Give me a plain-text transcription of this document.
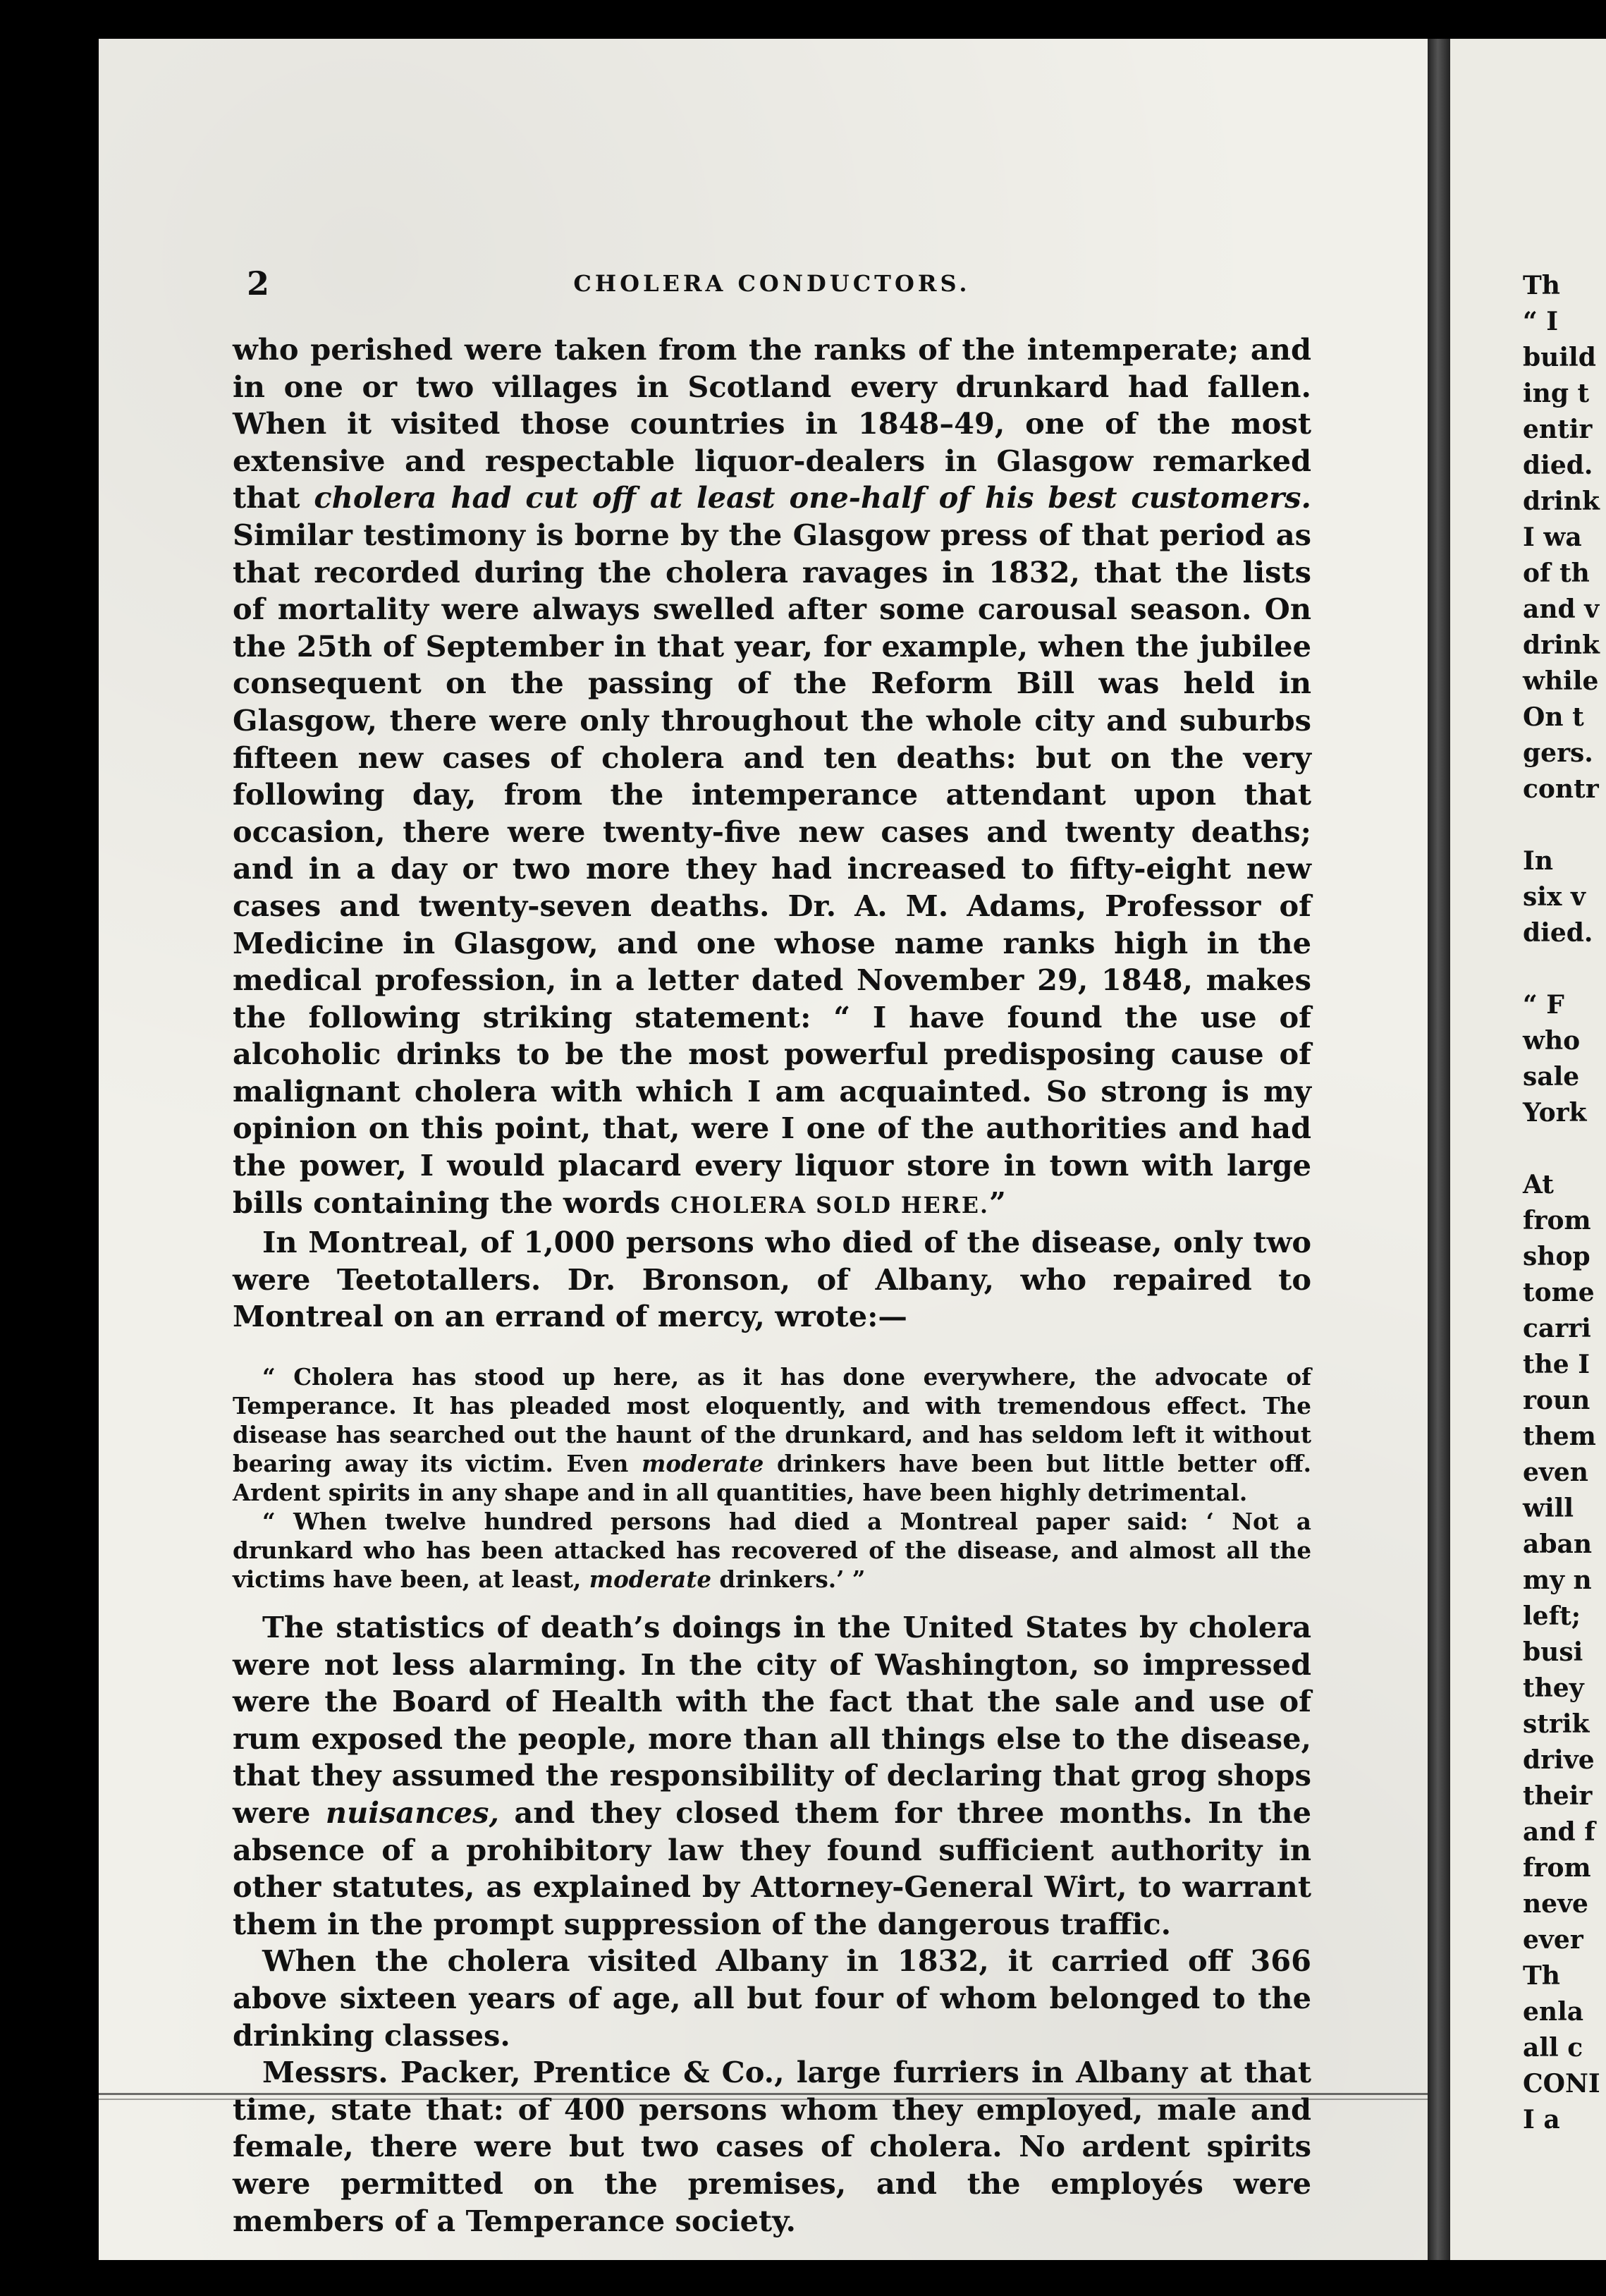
2	CHOLERA CONDUCTORS.

who perished were taken from the ranks of the intemperate; and in one or two villages in Scotland every drunkard had fallen. When it visited those countries in 1848–49, one of the most extensive and respectable liquor-dealers in Glasgow remarked that cholera had cut off at least one-half of his best customers. Similar testimony is borne by the Glasgow press of that period as that recorded during the cholera ravages in 1832, that the lists of mortality were always swelled after some carousal season. On the 25th of September in that year, for example, when the jubilee consequent on the passing of the Reform Bill was held in Glasgow, there were only throughout the whole city and suburbs fifteen new cases of cholera and ten deaths: but on the very following day, from the intemperance attendant upon that occasion, there were twenty-five new cases and twenty deaths; and in a day or two more they had increased to fifty-eight new cases and twenty-seven deaths. Dr. A. M. Adams, Professor of Medicine in Glasgow, and one whose name ranks high in the medical profession, in a letter dated November 29, 1848, makes the following striking statement: “ I have found the use of alcoholic drinks to be the most powerful predisposing cause of malignant cholera with which I am acquainted. So strong is my opinion on this point, that, were I one of the authorities and had the power, I would placard every liquor store in town with large bills containing the words CHOLERA SOLD HERE.”

In Montreal, of 1,000 persons who died of the disease, only two were Teetotallers. Dr. Bronson, of Albany, who repaired to Montreal on an errand of mercy, wrote:—

“ Cholera has stood up here, as it has done everywhere, the advocate of Temperance. It has pleaded most eloquently, and with tremendous effect. The disease has searched out the haunt of the drunkard, and has seldom left it without bearing away its victim. Even moderate drinkers have been but little better off. Ardent spirits in any shape and in all quantities, have been highly detrimental.

“ When twelve hundred persons had died a Montreal paper said: ‘ Not a drunkard who has been attacked has recovered of the disease, and almost all the victims have been, at least, moderate drinkers.’ ”

The statistics of death’s doings in the United States by cholera were not less alarming. In the city of Washington, so impressed were the Board of Health with the fact that the sale and use of rum exposed the people, more than all things else to the disease, that they assumed the responsibility of declaring that grog shops were nuisances, and they closed them for three months. In the absence of a prohibitory law they found sufficient authority in other statutes, as explained by Attorney-General Wirt, to warrant them in the prompt suppression of the dangerous traffic.

When the cholera visited Albany in 1832, it carried off 366 above sixteen years of age, all but four of whom belonged to the drinking classes.

Messrs. Packer, Prentice & Co., large furriers in Albany at that time, state that: of 400 persons whom they employed, male and female, there were but two cases of cholera. No ardent spirits were permitted on the premises, and the employés were members of a Temperance society.

Th
“ I
build
ing t
entir
died.
drink
I wa
of th
and v
drink
while
On t
gers.
contr
In
six v
died.
“ F
who
sale
York
At
from
shop
tome
carri
the I
roun
them
even
will
aban
my n
left;
busi
they
strik
drive
their
and f
from
neve
ever
Th
enla
all c
CONI
I a
